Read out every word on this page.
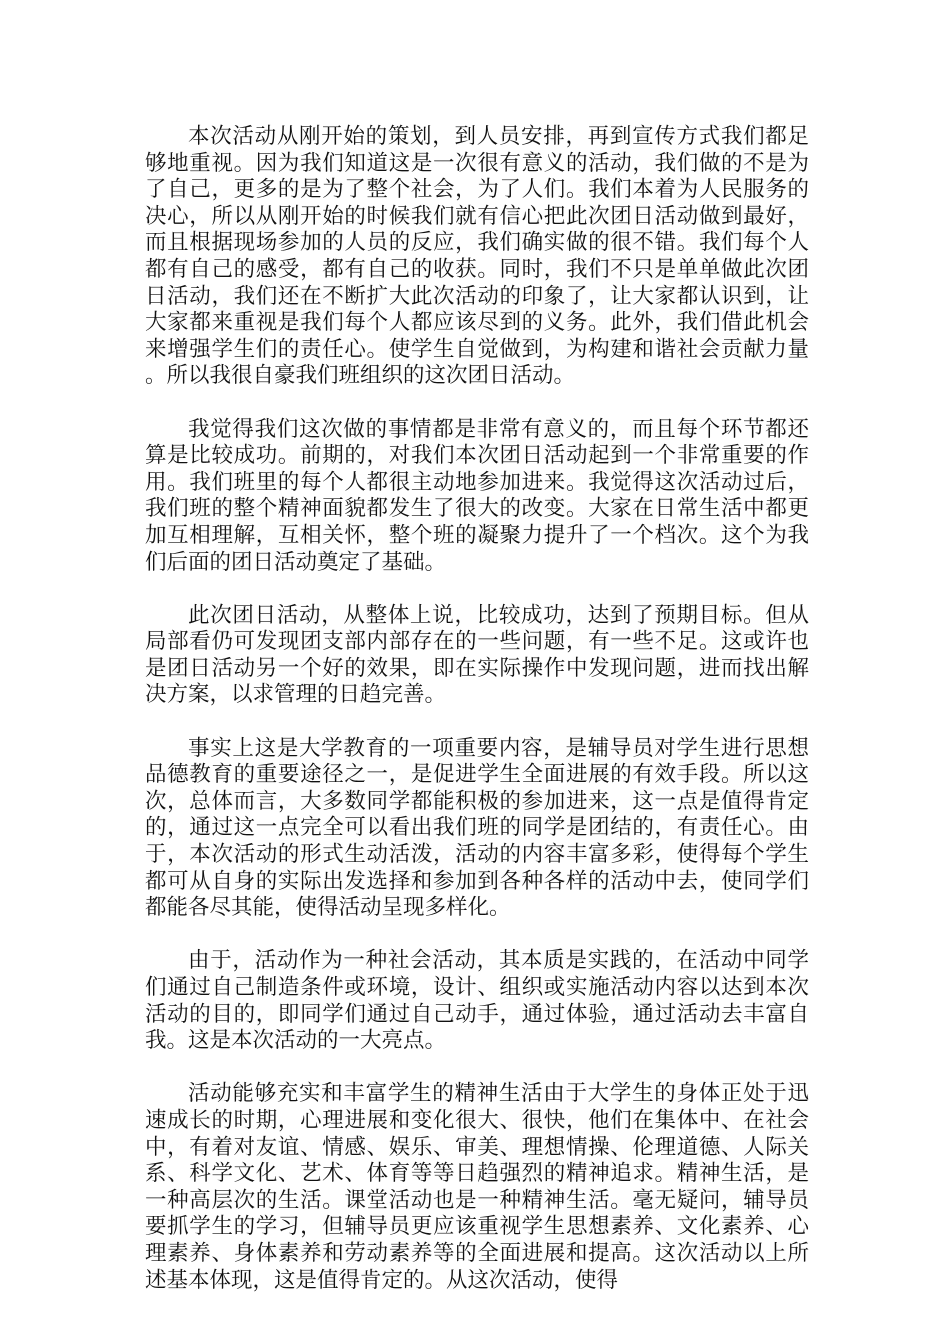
本次活动从刚开始的策划，到人员安排，再到宣传方式我们都足够地重视。因为我们知道这是一次很有意义的活动，我们做的不是为了自己，更多的是为了整个社会，为了人们。我们本着为人民服务的决心，所以从刚开始的时候我们就有信心把此次团日活动做到最好，而且根据现场参加的人员的反应，我们确实做的很不错。我们每个人都有自己的感受，都有自己的收获。同时，我们不只是单单做此次团日活动，我们还在不断扩大此次活动的印象了，让大家都认识到，让大家都来重视是我们每个人都应该尽到的义务。此外，我们借此机会来增强学生们的责任心。使学生自觉做到，为构建和谐社会贡献力量。所以我很自豪我们班组织的这次团日活动。

我觉得我们这次做的事情都是非常有意义的，而且每个环节都还算是比较成功。前期的，对我们本次团日活动起到一个非常重要的作用。我们班里的每个人都很主动地参加进来。我觉得这次活动过后，我们班的整个精神面貌都发生了很大的改变。大家在日常生活中都更加互相理解，互相关怀，整个班的凝聚力提升了一个档次。这个为我们后面的团日活动奠定了基础。

此次团日活动，从整体上说，比较成功，达到了预期目标。但从局部看仍可发现团支部内部存在的一些问题，有一些不足。这或许也是团日活动另一个好的效果，即在实际操作中发现问题，进而找出解决方案，以求管理的日趋完善。

事实上这是大学教育的一项重要内容，是辅导员对学生进行思想品德教育的重要途径之一，是促进学生全面进展的有效手段。所以这次，总体而言，大多数同学都能积极的参加进来，这一点是值得肯定的，通过这一点完全可以看出我们班的同学是团结的，有责任心。由于，本次活动的形式生动活泼，活动的内容丰富多彩，使得每个学生都可从自身的实际出发选择和参加到各种各样的活动中去，使同学们都能各尽其能，使得活动呈现多样化。

由于，活动作为一种社会活动，其本质是实践的，在活动中同学们通过自己制造条件或环境，设计、组织或实施活动内容以达到本次活动的目的，即同学们通过自己动手，通过体验，通过活动去丰富自我。这是本次活动的一大亮点。

活动能够充实和丰富学生的精神生活由于大学生的身体正处于迅速成长的时期，心理进展和变化很大、很快，他们在集体中、在社会中，有着对友谊、情感、娱乐、审美、理想情操、伦理道德、人际关系、科学文化、艺术、体育等等日趋强烈的精神追求。精神生活，是一种高层次的生活。课堂活动也是一种精神生活。毫无疑问，辅导员要抓学生的学习，但辅导员更应该重视学生思想素养、文化素养、心理素养、身体素养和劳动素养等的全面进展和提高。这次活动以上所述基本体现，这是值得肯定的。从这次活动，使得
